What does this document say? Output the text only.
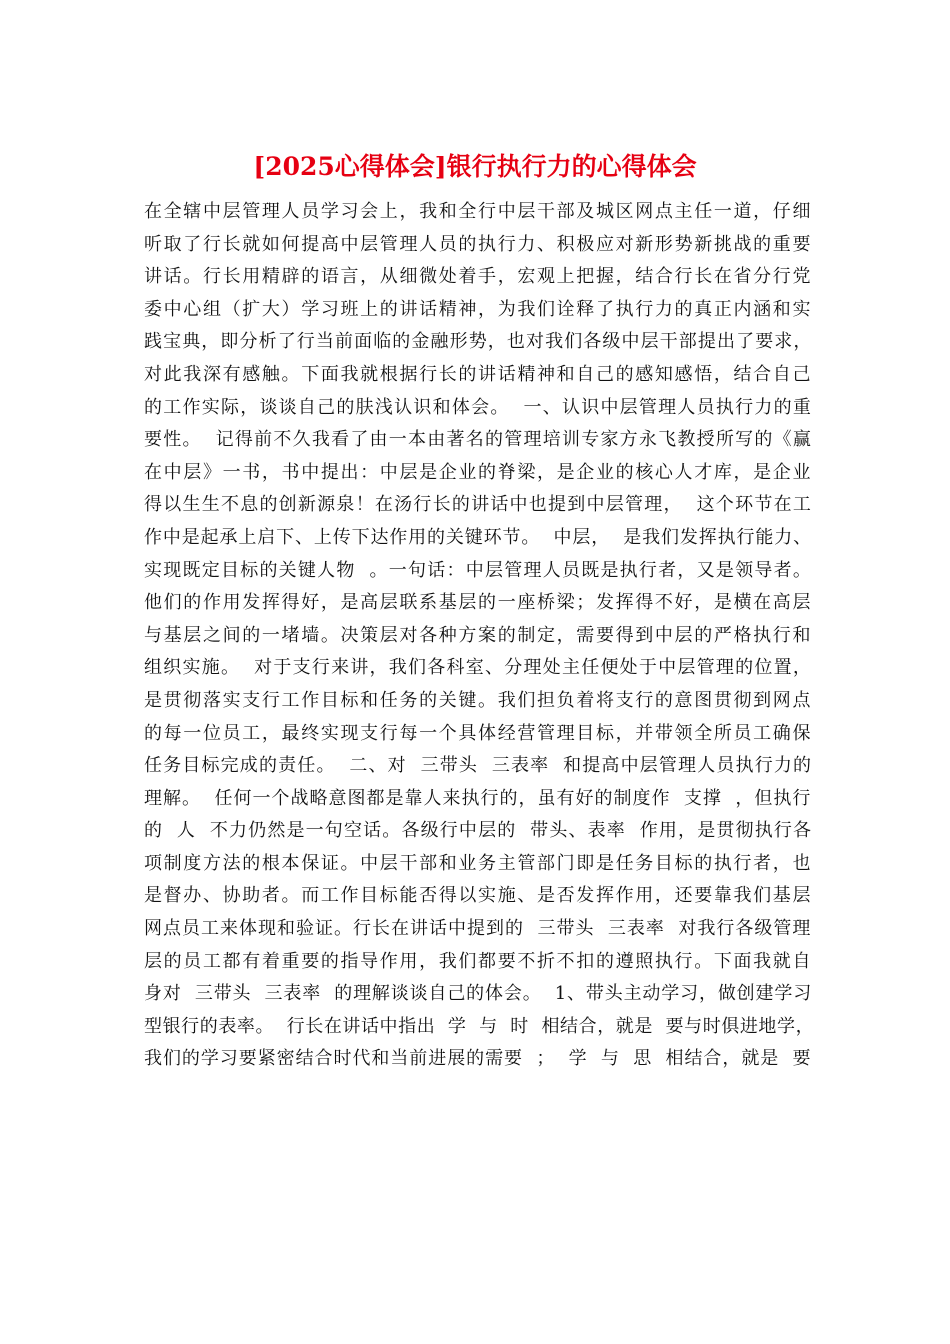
[2025心得体会]银行执行力的心得体会
在全辖中层管理人员学习会上，我和全行中层干部及城区网点主任一道，仔细
听取了行长就如何提高中层管理人员的执行力、积极应对新形势新挑战的重要
讲话。行长用精辟的语言，从细微处着手，宏观上把握，结合行长在省分行党
委中心组（扩大）学习班上的讲话精神，为我们诠释了执行力的真正内涵和实
践宝典，即分析了行当前面临的金融形势，也对我们各级中层干部提出了要求，
对此我深有感触。下面我就根据行长的讲话精神和自己的感知感悟，结合自己
的工作实际，谈谈自己的肤浅认识和体会。  一、认识中层管理人员执行力的重
要性。  记得前不久我看了由一本由著名的管理培训专家方永飞教授所写的《赢
在中层》一书，书中提出：中层是企业的脊梁，是企业的核心人才库，是企业
得以生生不息的创新源泉！在汤行长的讲话中也提到中层管理，  这个环节在工
作中是起承上启下、上传下达作用的关键环节。  中层，  是我们发挥执行能力、
实现既定目标的关键人物  。一句话：中层管理人员既是执行者，又是领导者。
他们的作用发挥得好，是高层联系基层的一座桥梁；发挥得不好，是横在高层
与基层之间的一堵墙。决策层对各种方案的制定，需要得到中层的严格执行和
组织实施。  对于支行来讲，我们各科室、分理处主任便处于中层管理的位置，
是贯彻落实支行工作目标和任务的关键。我们担负着将支行的意图贯彻到网点
的每一位员工，最终实现支行每一个具体经营管理目标，并带领全所员工确保
任务目标完成的责任。  二、对  三带头  三表率  和提高中层管理人员执行力的
理解。  任何一个战略意图都是靠人来执行的，虽有好的制度作  支撑  ，但执行
的  人  不力仍然是一句空话。各级行中层的  带头、表率  作用，是贯彻执行各
项制度方法的根本保证。中层干部和业务主管部门即是任务目标的执行者，也
是督办、协助者。而工作目标能否得以实施、是否发挥作用，还要靠我们基层
网点员工来体现和验证。行长在讲话中提到的  三带头  三表率  对我行各级管理
层的员工都有着重要的指导作用，我们都要不折不扣的遵照执行。下面我就自
身对  三带头  三表率  的理解谈谈自己的体会。  1、带头主动学习，做创建学习
型银行的表率。  行长在讲话中指出  学  与  时  相结合，就是  要与时俱进地学，
我们的学习要紧密结合时代和当前进展的需要  ；  学  与  思  相结合，就是  要
